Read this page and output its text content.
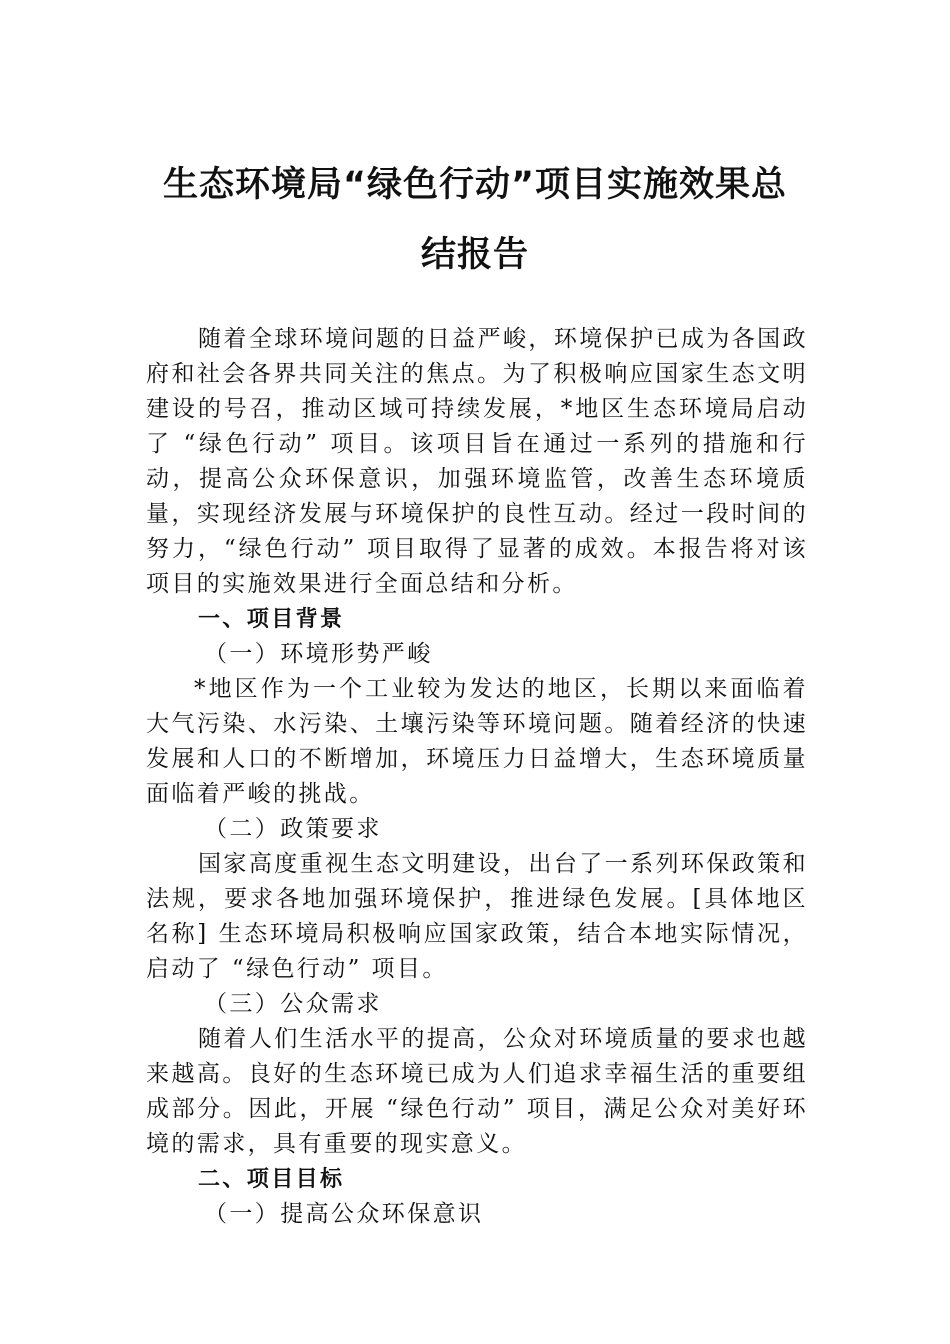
生态环境局“绿色行动”项目实施效果总
结报告

随着全球环境问题的日益严峻，环境保护已成为各国政府和社会各界共同关注的焦点。为了积极响应国家生态文明建设的号召，推动区域可持续发展，*地区生态环境局启动了 “绿色行动” 项目。该项目旨在通过一系列的措施和行动，提高公众环保意识，加强环境监管，改善生态环境质量，实现经济发展与环境保护的良性互动。经过一段时间的努力，“绿色行动” 项目取得了显著的成效。本报告将对该项目的实施效果进行全面总结和分析。

一、项目背景

（一）环境形势严峻

*地区作为一个工业较为发达的地区，长期以来面临着大气污染、水污染、土壤污染等环境问题。随着经济的快速发展和人口的不断增加，环境压力日益增大，生态环境质量面临着严峻的挑战。

（二）政策要求

国家高度重视生态文明建设，出台了一系列环保政策和法规，要求各地加强环境保护，推进绿色发展。[具体地区名称] 生态环境局积极响应国家政策，结合本地实际情况，启动了 “绿色行动” 项目。

（三）公众需求

随着人们生活水平的提高，公众对环境质量的要求也越来越高。良好的生态环境已成为人们追求幸福生活的重要组成部分。因此，开展 “绿色行动” 项目，满足公众对美好环境的需求，具有重要的现实意义。

二、项目目标

（一）提高公众环保意识
